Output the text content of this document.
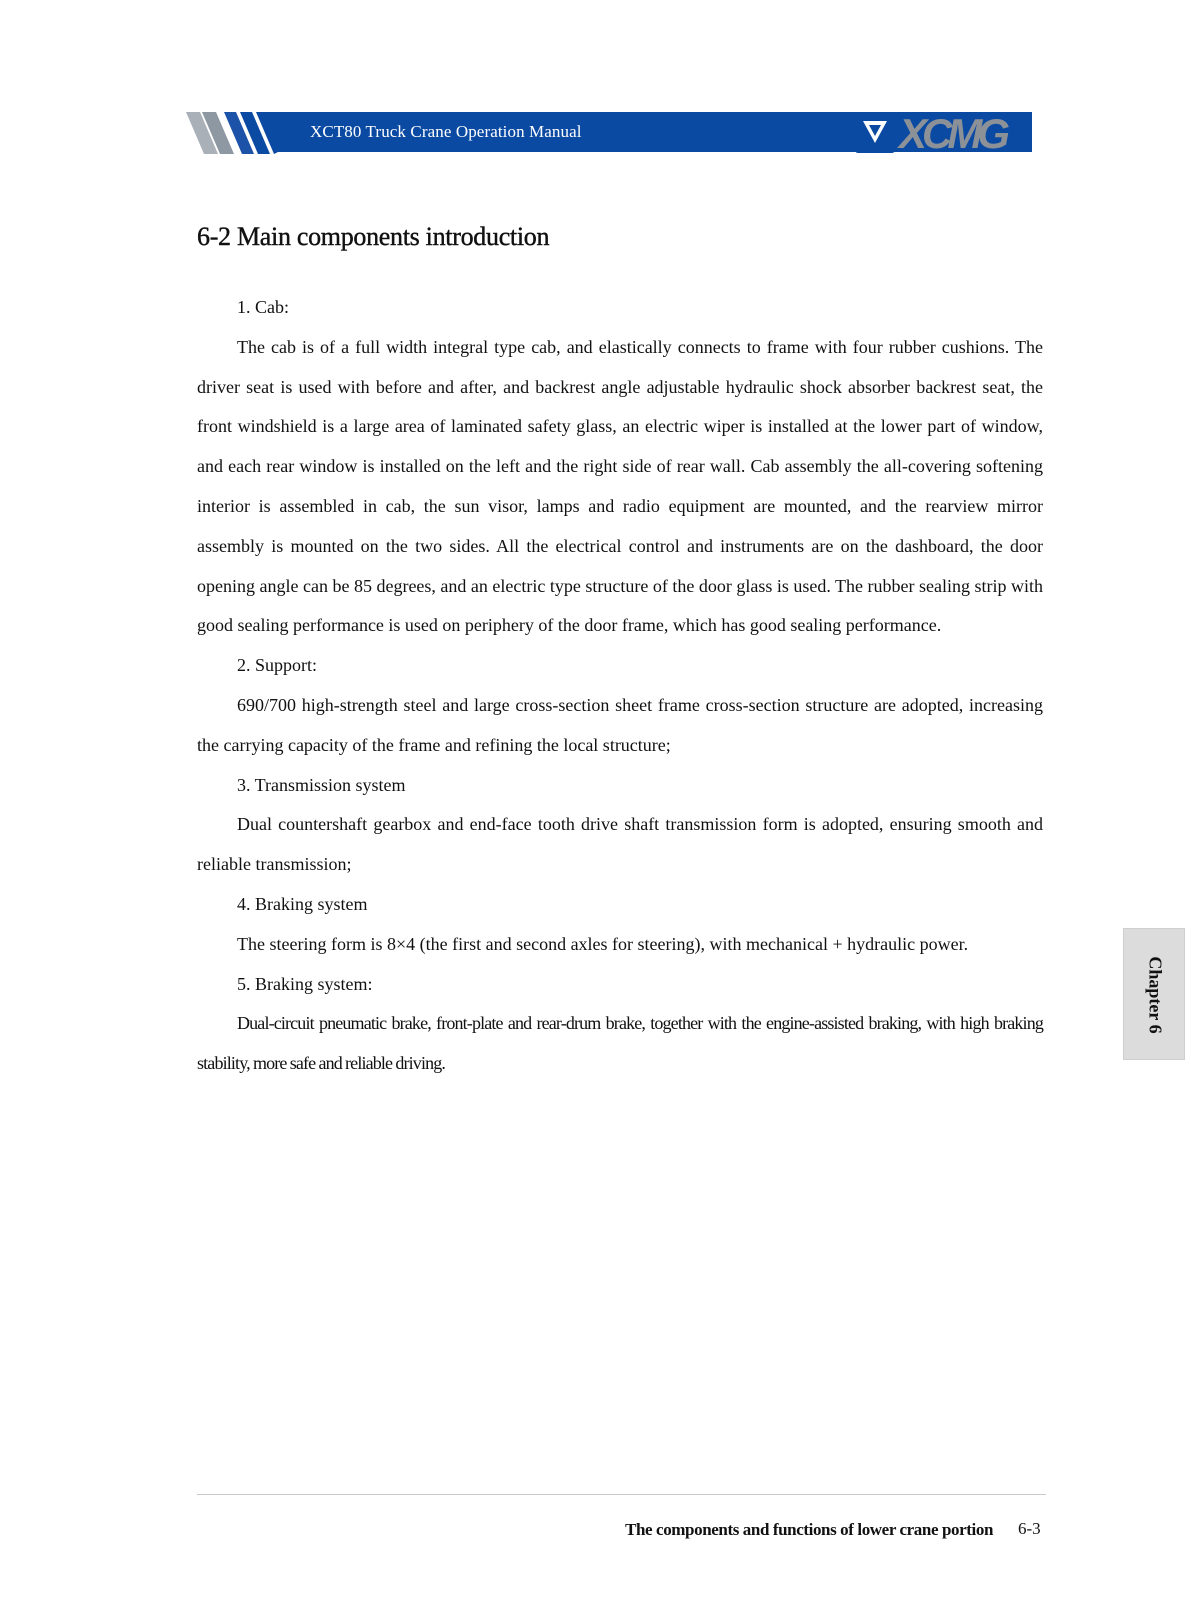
XCT80 Truck Crane Operation Manual	XCMG
6-2 Main components introduction

1. Cab:

The cab is of a full width integral type cab, and elastically connects to frame with four rubber cushions. The driver seat is used with before and after, and backrest angle adjustable hydraulic shock absorber backrest seat, the front windshield is a large area of laminated safety glass, an electric wiper is installed at the lower part of window, and each rear window is installed on the left and the right side of rear wall. Cab assembly the all-covering softening interior is assembled in cab, the sun visor, lamps and radio equipment are mounted, and the rearview mirror assembly is mounted on the two sides. All the electrical control and instruments are on the dashboard, the door opening angle can be 85 degrees, and an electric type structure of the door glass is used. The rubber sealing strip with good sealing performance is used on periphery of the door frame, which has good sealing performance.

2. Support:

690/700 high-strength steel and large cross-section sheet frame cross-section structure are adopted, increasing the carrying capacity of the frame and refining the local structure;

3. Transmission system

Dual countershaft gearbox and end-face tooth drive shaft transmission form is adopted, ensuring smooth and reliable transmission;

4. Braking system

The steering form is 8×4 (the first and second axles for steering), with mechanical + hydraulic power.

5. Braking system:

Dual-circuit pneumatic brake, front-plate and rear-drum brake, together with the engine-assisted braking, with high braking stability, more safe and reliable driving.

Chapter 6
The components and functions of lower crane portion 6-3
